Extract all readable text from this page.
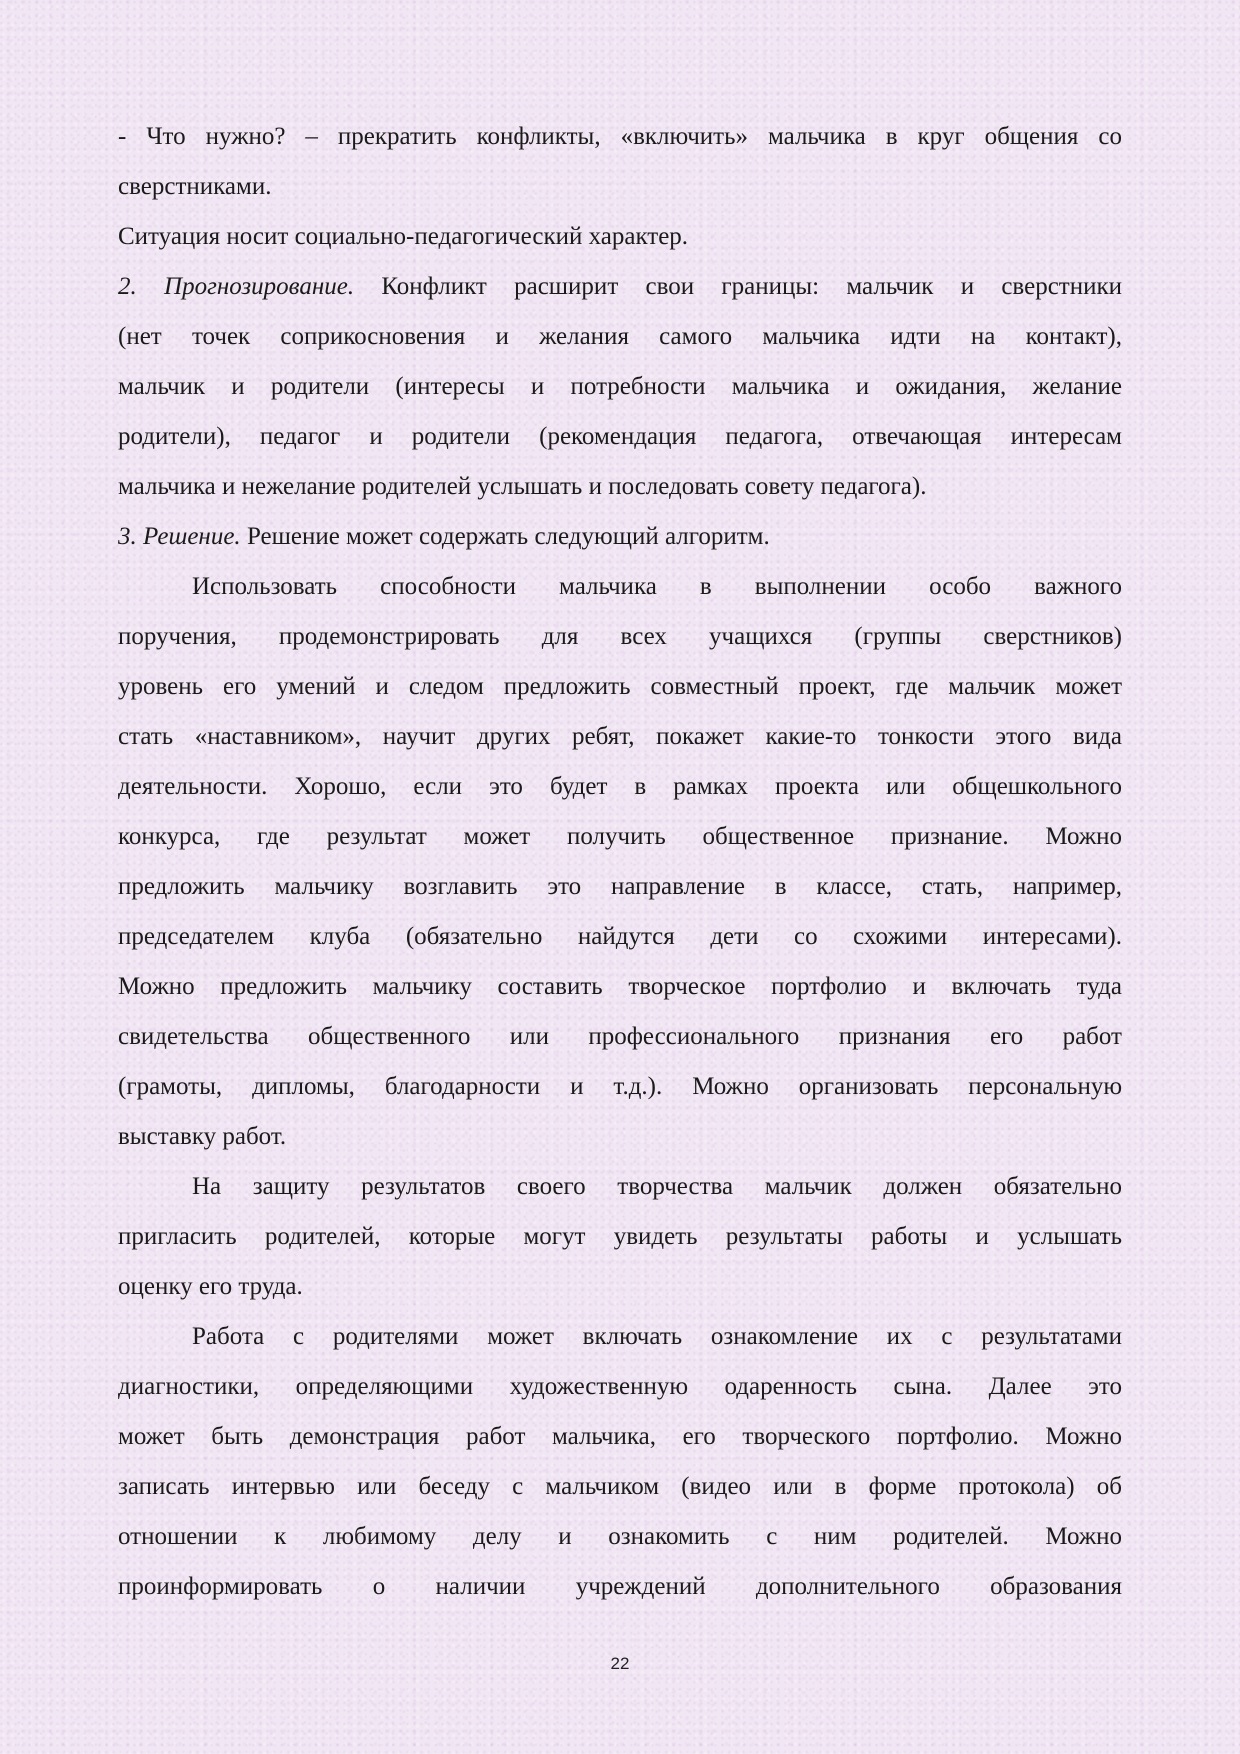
- Что нужно? – прекратить конфликты, «включить» мальчика в круг общения со
сверстниками.
Ситуация носит социально-педагогический характер.
2. Прогнозирование. Конфликт расширит свои границы: мальчик и сверстники
(нет точек соприкосновения и желания самого мальчика идти на контакт),
мальчик и родители (интересы и потребности мальчика и ожидания, желание
родители), педагог и родители (рекомендация педагога, отвечающая интересам
мальчика и нежелание родителей услышать и последовать совету педагога).
3. Решение. Решение может содержать следующий алгоритм.
Использовать способности мальчика в выполнении особо важного
поручения, продемонстрировать для всех учащихся (группы сверстников)
уровень его умений и следом предложить совместный проект, где мальчик может
стать «наставником», научит других ребят, покажет какие-то тонкости этого вида
деятельности. Хорошо, если это будет в рамках проекта или общешкольного
конкурса, где результат может получить общественное признание. Можно
предложить мальчику возглавить это направление в классе, стать, например,
председателем клуба (обязательно найдутся дети со схожими интересами).
Можно предложить мальчику составить творческое портфолио и включать туда
свидетельства общественного или профессионального признания его работ
(грамоты, дипломы, благодарности и т.д.). Можно организовать персональную
выставку работ.
На защиту результатов своего творчества мальчик должен обязательно
пригласить родителей, которые могут увидеть результаты работы и услышать
оценку его труда.
Работа с родителями может включать ознакомление их с результатами
диагностики, определяющими художественную одаренность сына. Далее это
может быть демонстрация работ мальчика, его творческого портфолио. Можно
записать интервью или беседу с мальчиком (видео или в форме протокола) об
отношении к любимому делу и ознакомить с ним родителей. Можно
проинформировать о наличии учреждений дополнительного образования
22
